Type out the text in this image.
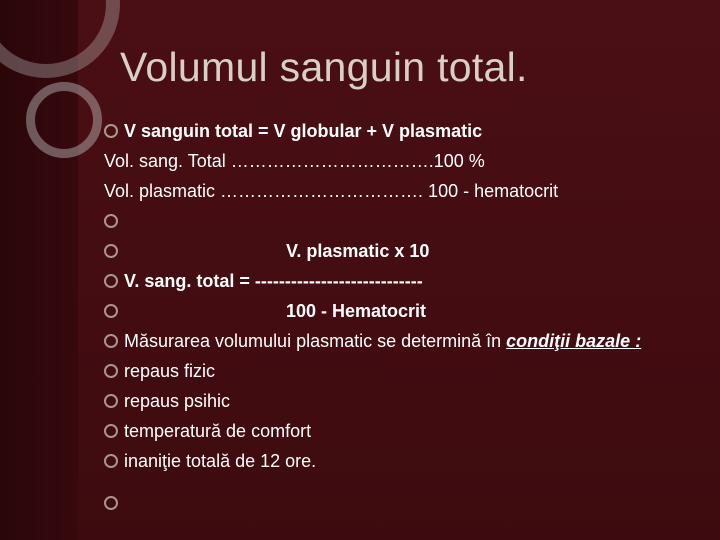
Volumul sanguin total.
V sanguin total = V globular + V plasmatic
Vol. sang. Total …………………………….100 %
Vol. plasmatic ……………………………. 100 - hematocrit
V. plasmatic x 10
V. sang. total = ----------------------------
100 - Hematocrit
Măsurarea volumului plasmatic se determină în condiţii bazale :
repaus fizic
repaus psihic
temperatură de comfort
inaniţie totală de 12 ore.
